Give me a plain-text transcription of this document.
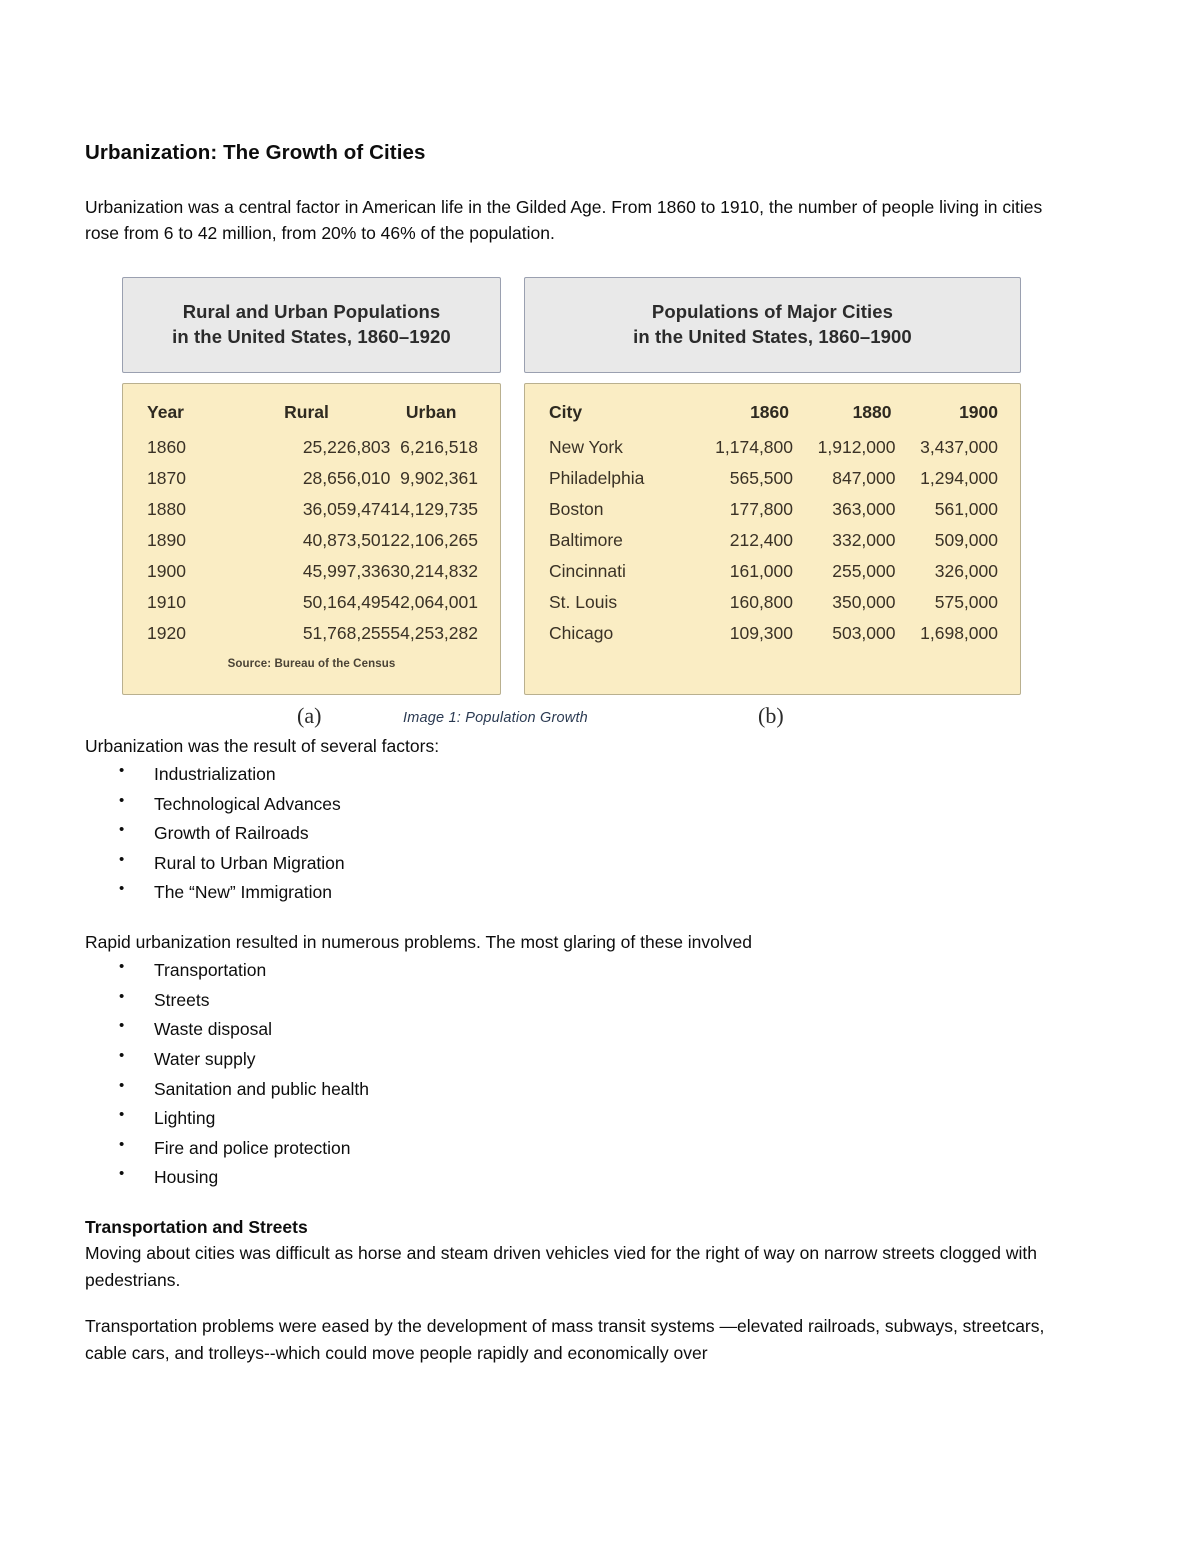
Urbanization: The Growth of Cities

Urbanization was a central factor in American life in the Gilded Age. From 1860 to 1910, the number of people living in cities rose from 6 to 42 million, from 20% to 46% of the population.

Rural and Urban Populations
in the United States, 1860–1920
Year	Rural	Urban
1860	25,226,803	6,216,518
1870	28,656,010	9,902,361
1880	36,059,474	14,129,735
1890	40,873,501	22,106,265
1900	45,997,336	30,214,832
1910	50,164,495	42,064,001
1920	51,768,255	54,253,282
Source: Bureau of the Census
Populations of Major Cities
in the United States, 1860–1900
City	1860	1880	1900
New York	1,174,800	1,912,000	3,437,000
Philadelphia	565,500	847,000	1,294,000
Boston	177,800	363,000	561,000
Baltimore	212,400	332,000	509,000
Cincinnati	161,000	255,000	326,000
St. Louis	160,800	350,000	575,000
Chicago	109,300	503,000	1,698,000
(a)	Image 1: Population Growth	(b)

Urbanization was the result of several factors:

• Industrialization
• Technological Advances
• Growth of Railroads
• Rural to Urban Migration
• The “New” Immigration

Rapid urbanization resulted in numerous problems. The most glaring of these involved

• Transportation
• Streets
• Waste disposal
• Water supply
• Sanitation and public health
• Lighting
• Fire and police protection
• Housing
Transportation and Streets

Moving about cities was difficult as horse and steam driven vehicles vied for the right of way on narrow streets clogged with pedestrians.

Transportation problems were eased by the development of mass transit systems —elevated railroads, subways, streetcars, cable cars, and trolleys--which could move people rapidly and economically over
